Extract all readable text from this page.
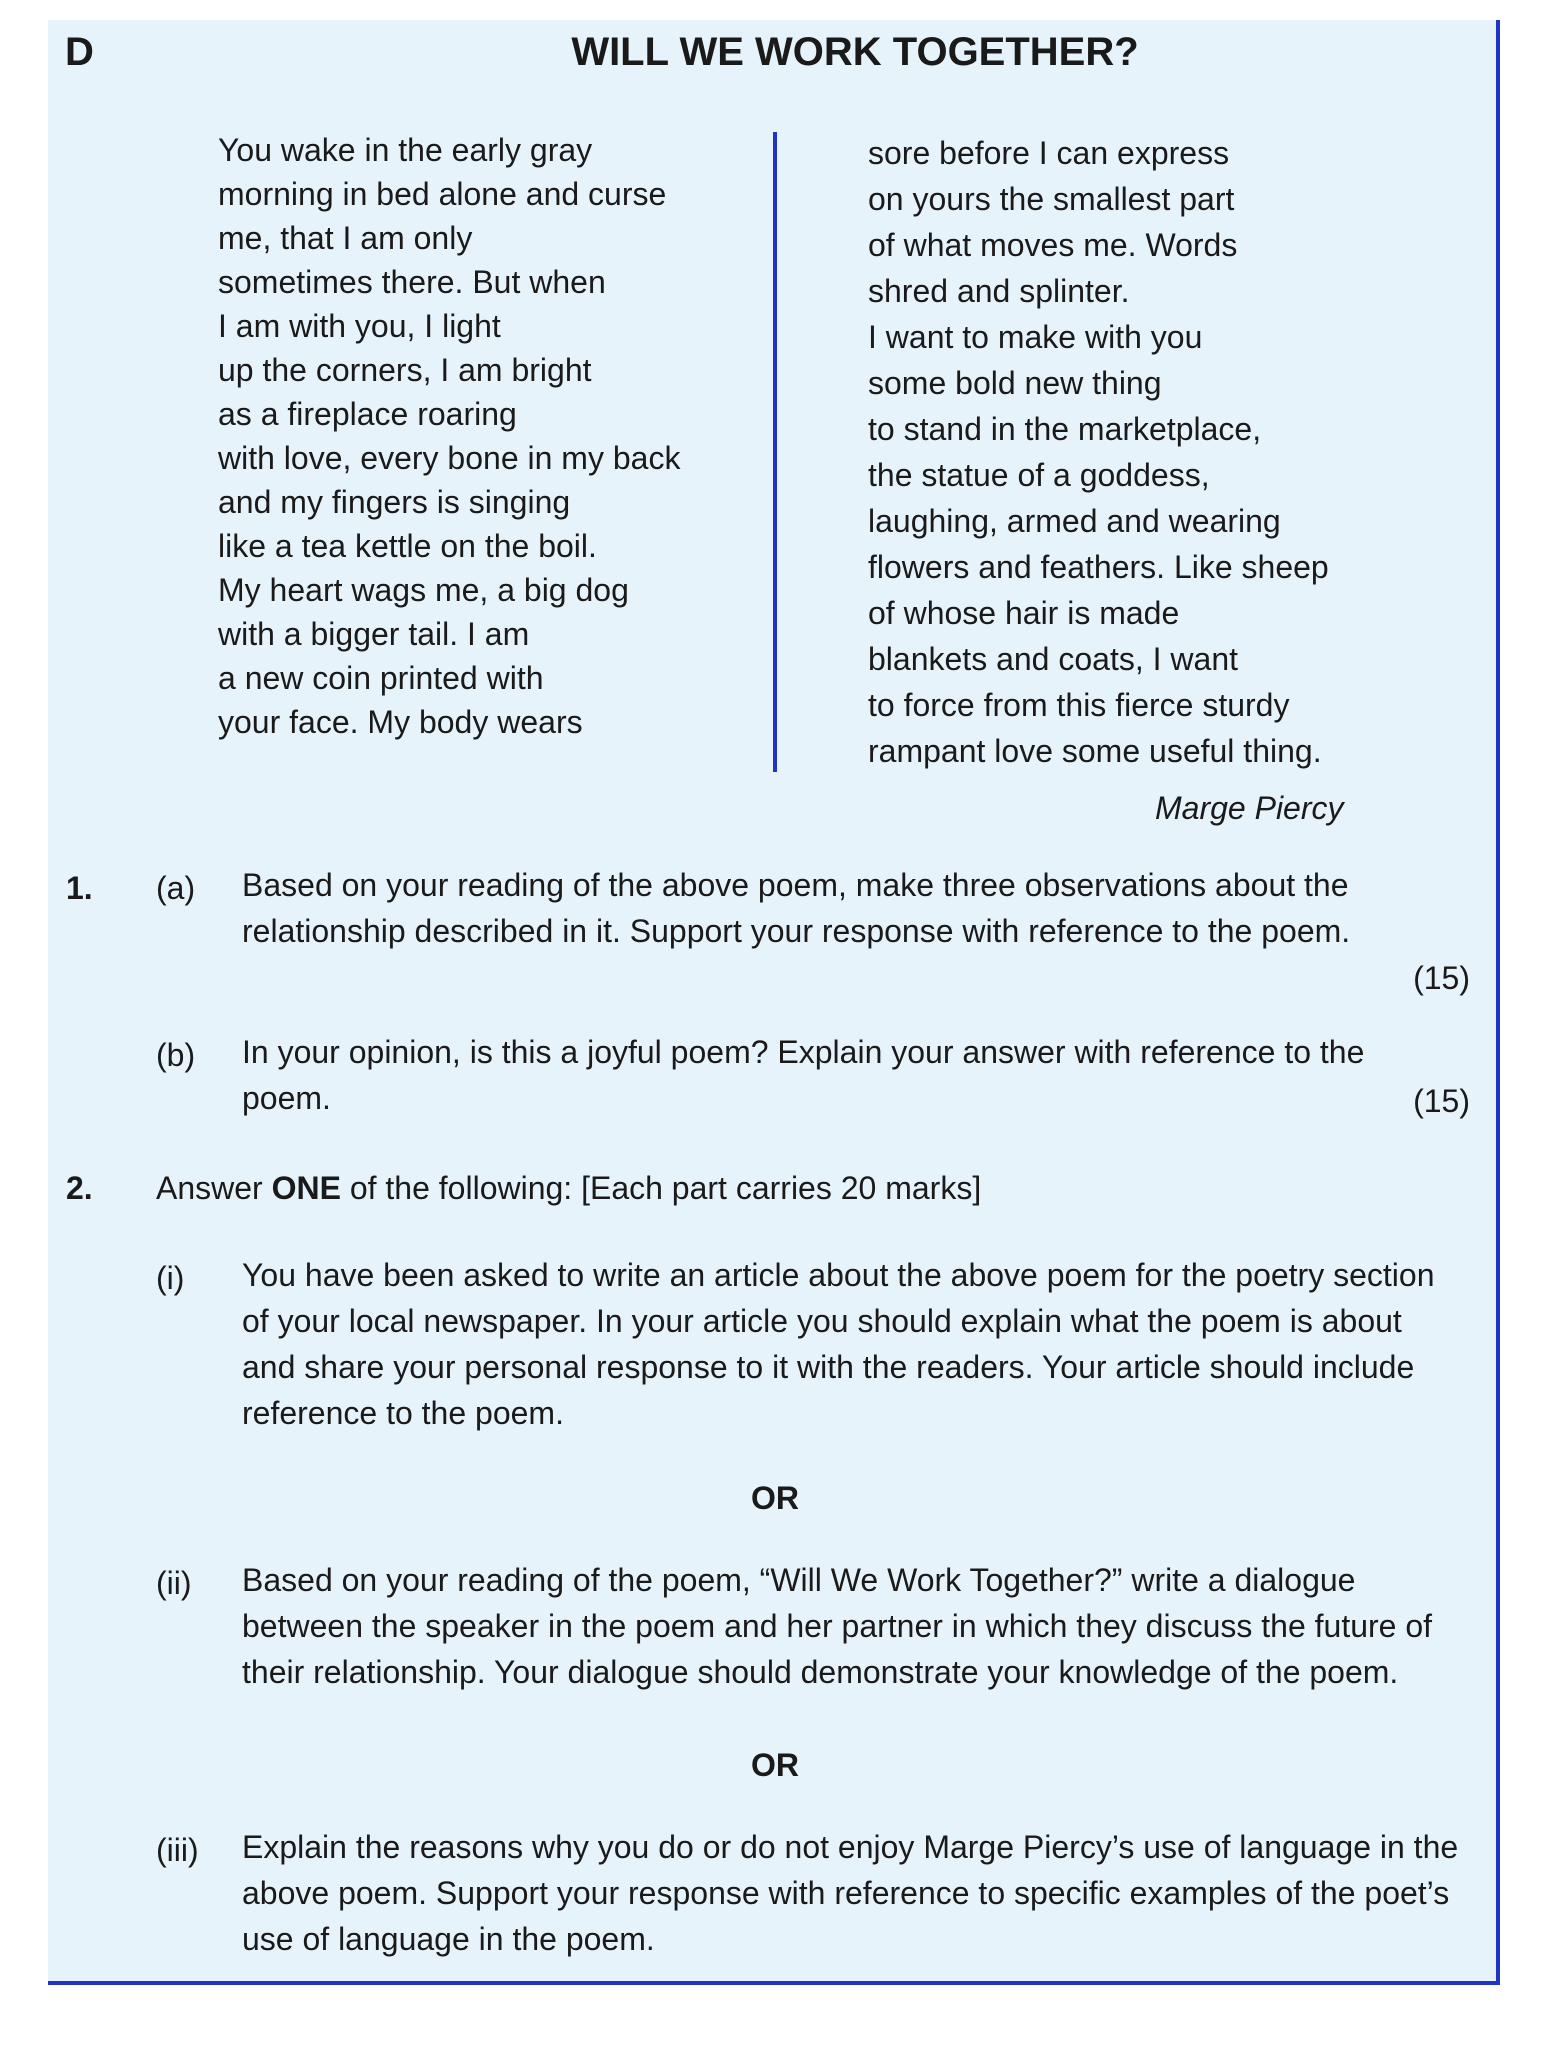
D	WILL WE WORK TOGETHER?
You wake in the early gray
morning in bed alone and curse
me, that I am only
sometimes there. But when
I am with you, I light
up the corners, I am bright
as a fireplace roaring
with love, every bone in my back
and my fingers is singing
like a tea kettle on the boil.
My heart wags me, a big dog
with a bigger tail. I am
a new coin printed with
your face. My body wears
sore before I can express
on yours the smallest part
of what moves me. Words
shred and splinter.
I want to make with you
some bold new thing
to stand in the marketplace,
the statue of a goddess,
laughing, armed and wearing
flowers and feathers. Like sheep
of whose hair is made
blankets and coats, I want
to force from this fierce sturdy
rampant love some useful thing.
Marge Piercy
1. (a) Based on your reading of the above poem, make three observations about the relationship described in it. Support your response with reference to the poem.
(15)
(b) In your opinion, is this a joyful poem? Explain your answer with reference to the poem.	(15)
2. Answer ONE of the following: [Each part carries 20 marks]
(i) You have been asked to write an article about the above poem for the poetry section of your local newspaper. In your article you should explain what the poem is about and share your personal response to it with the readers. Your article should include reference to the poem.
OR
(ii) Based on your reading of the poem, “Will We Work Together?” write a dialogue between the speaker in the poem and her partner in which they discuss the future of their relationship. Your dialogue should demonstrate your knowledge of the poem.
OR
(iii) Explain the reasons why you do or do not enjoy Marge Piercy’s use of language in the above poem. Support your response with reference to specific examples of the poet’s use of language in the poem.
